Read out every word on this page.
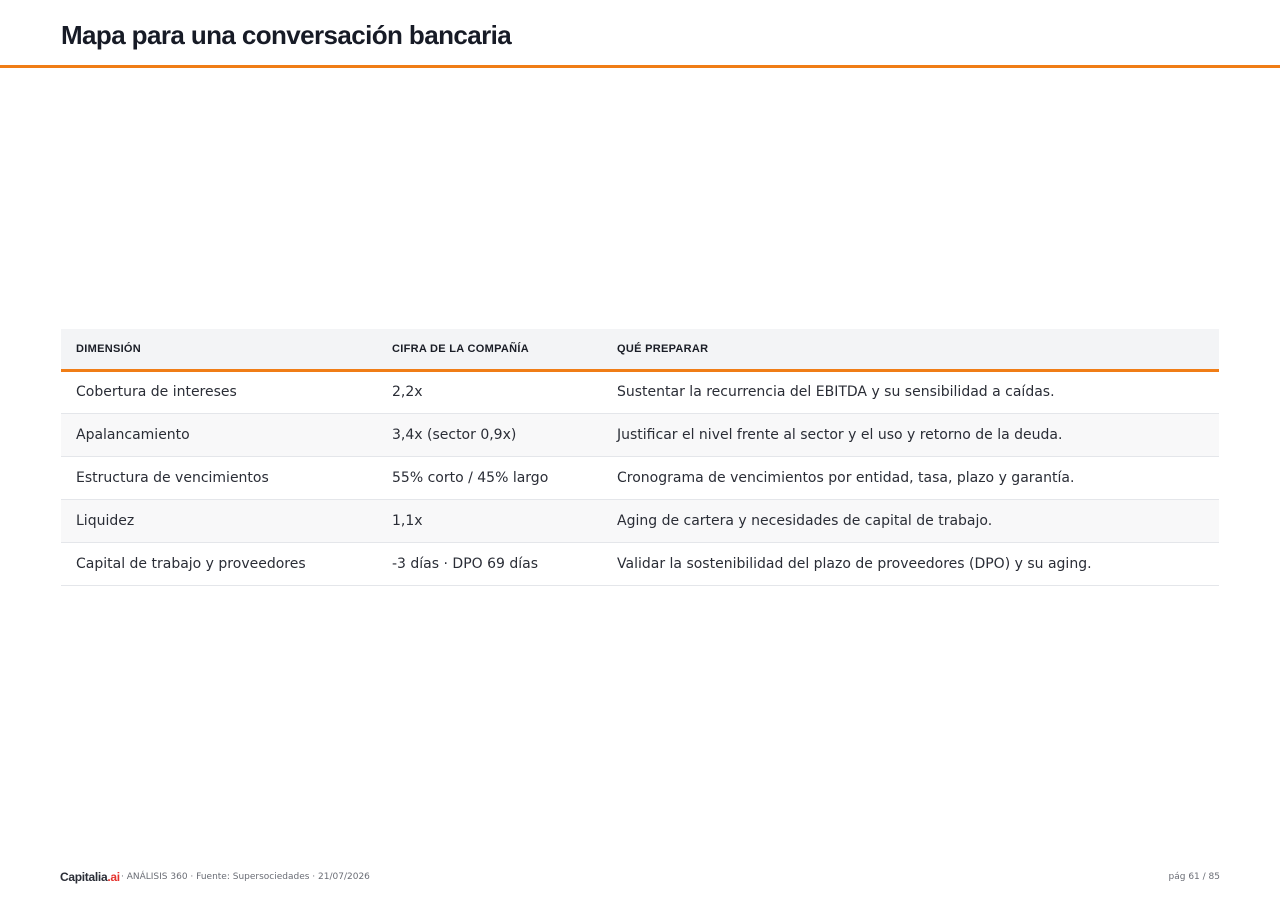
Mapa para una conversación bancaria
DIMENSIÓN	CIFRA DE LA COMPAÑÍA	QUÉ PREPARAR
Cobertura de intereses	2,2x	Sustentar la recurrencia del EBITDA y su sensibilidad a caídas.
Apalancamiento	3,4x (sector 0,9x)	Justificar el nivel frente al sector y el uso y retorno de la deuda.
Estructura de vencimientos	55% corto / 45% largo	Cronograma de vencimientos por entidad, tasa, plazo y garantía.
Liquidez	1,1x	Aging de cartera y necesidades de capital de trabajo.
Capital de trabajo y proveedores	-3 días · DPO 69 días	Validar la sostenibilidad del plazo de proveedores (DPO) y su aging.
Capitalia.ai · ANÁLISIS 360 · Fuente: Supersociedades · 21/07/2026	pág 61 / 85
